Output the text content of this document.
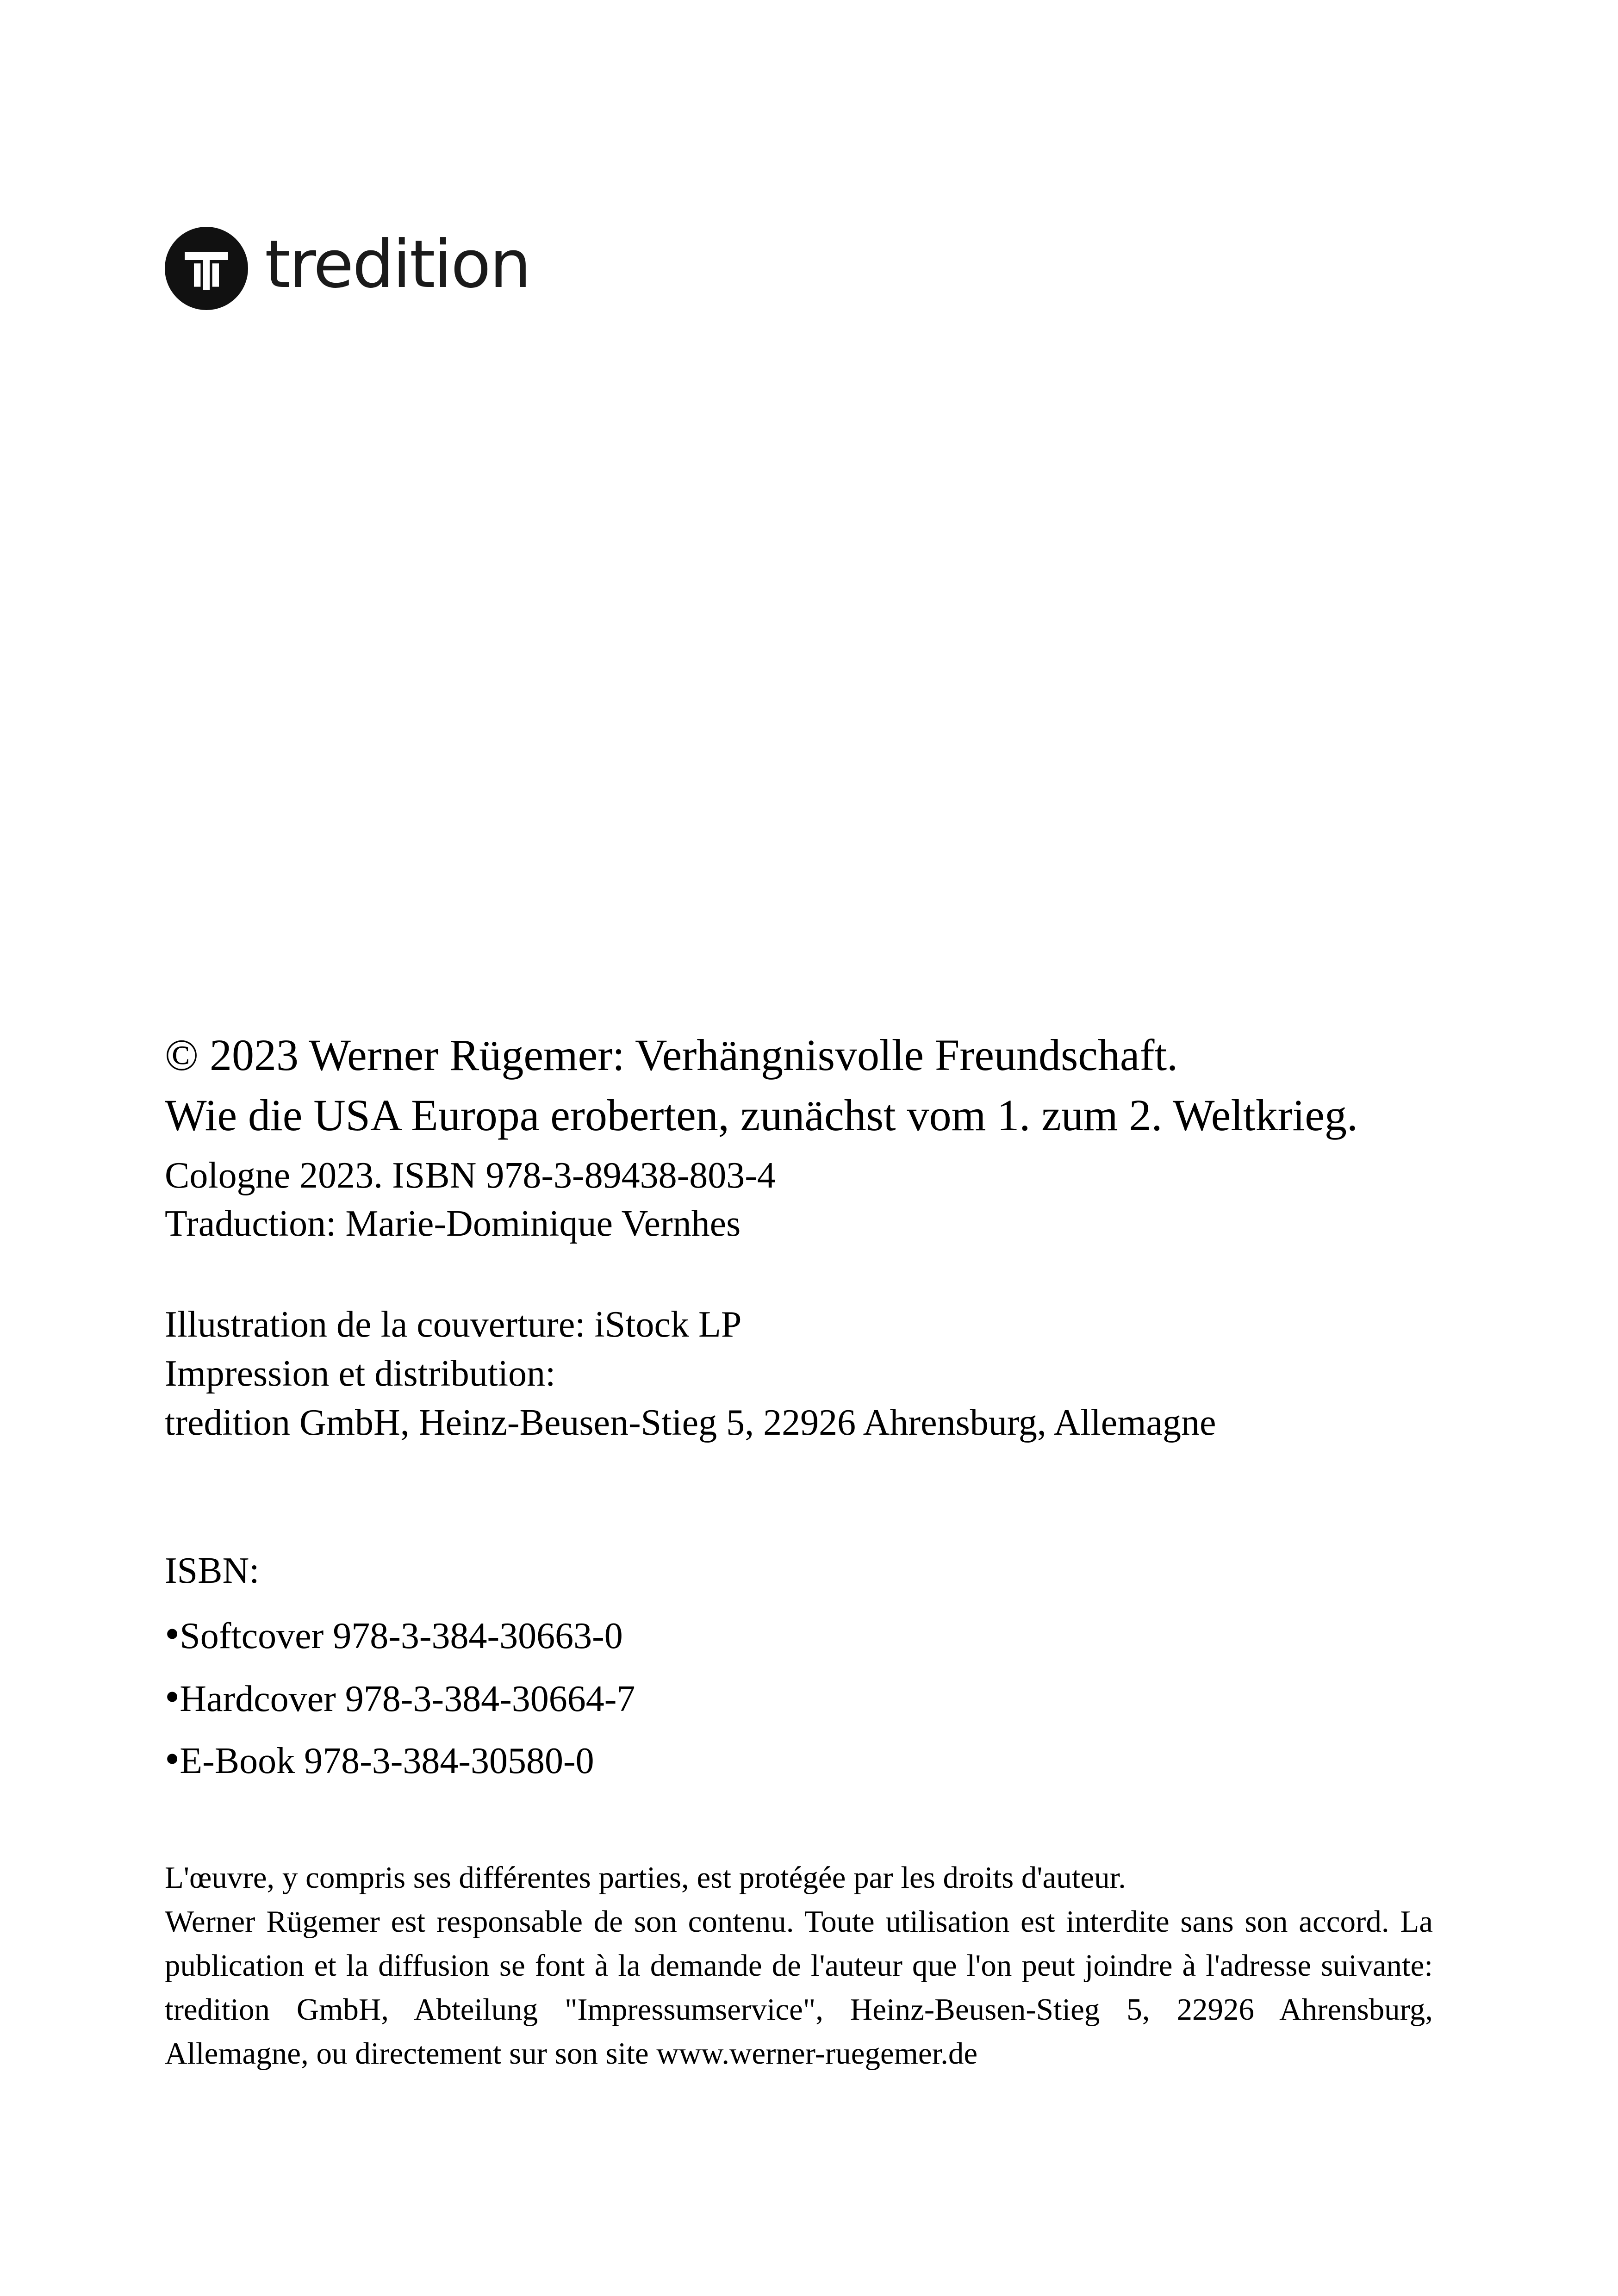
tredition
© 2023 Werner Rügemer: Verhängnisvolle Freundschaft.
Wie die USA Europa eroberten, zunächst vom 1. zum 2. Weltkrieg.
Cologne 2023. ISBN 978-3-89438-803-4
Traduction: Marie-Dominique Vernhes
Illustration de la couverture: iStock LP
Impression et distribution:
tredition GmbH, Heinz-Beusen-Stieg 5, 22926 Ahrensburg, Allemagne
ISBN:
•Softcover 978-3-384-30663-0
•Hardcover 978-3-384-30664-7
•E-Book 978-3-384-30580-0

L'œuvre, y compris ses différentes parties, est protégée par les droits d'auteur.

Werner Rügemer est responsable de son contenu. Toute utilisation est interdite sans son accord. La publication et la diffusion se font à la demande de l'auteur que l'on peut joindre à l'adresse suivante: tredition GmbH, Abteilung "Impressumservice", Heinz-Beusen-Stieg 5, 22926 Ahrensburg, Allemagne, ou directement sur son site www.werner-ruegemer.de
